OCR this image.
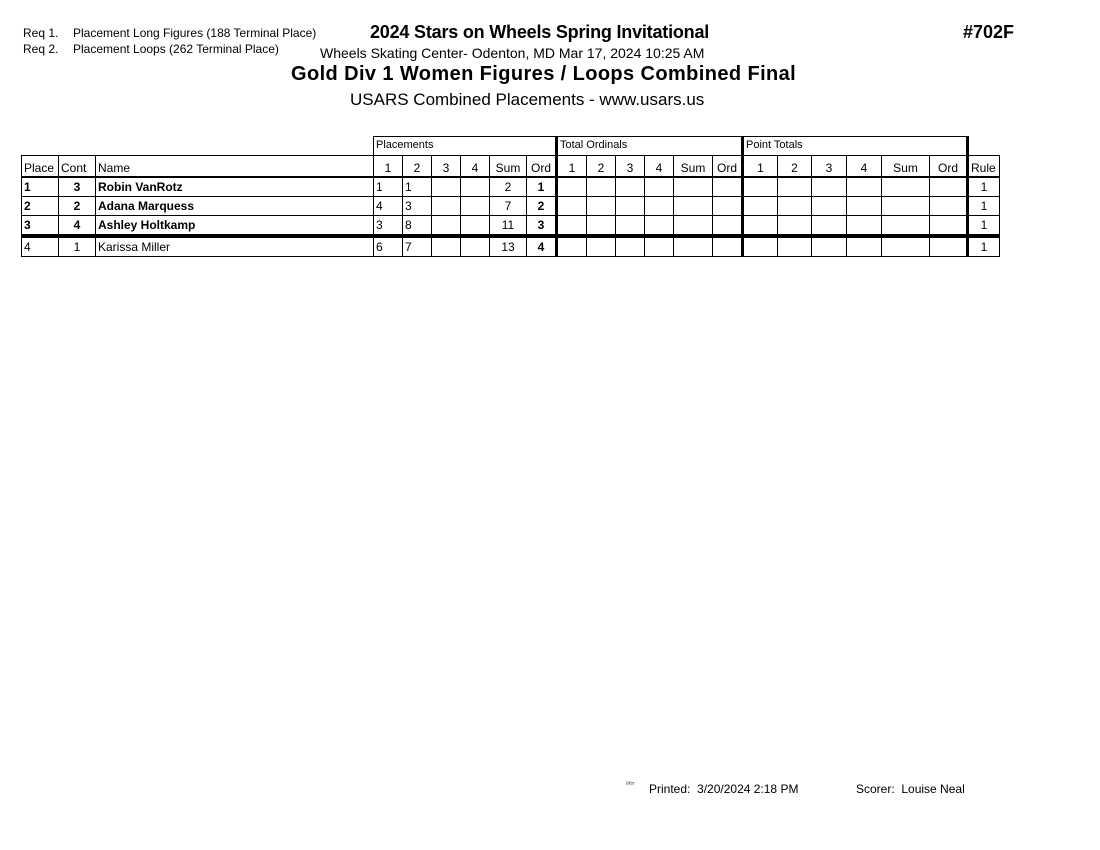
Req 1. Placement Long Figures (188 Terminal Place)
Req 2. Placement Loops (262 Terminal Place)
2024 Stars on Wheels Spring Invitational
Wheels Skating Center- Odenton, MD Mar 17, 2024 10:25 AM
Gold Div 1 Women Figures / Loops Combined Final
USARS Combined Placements - www.usars.us
#702F
			Placements						Total Ordinals						Point Totals						
Place	Cont	Name	1	2	3	4	Sum	Ord	1	2	3	4	Sum	Ord	1	2	3	4	Sum	Ord	Rule
1	3	Robin VanRotz	1	1			2	1													1
2	2	Adana Marquess	4	3			7	2													1
3	4	Ashley Holtkamp	3	8			11	3													1
4	1	Karissa Miller	6	7			13	4													1
²³¹⁵ Printed: 3/20/2024 2:18 PM	Scorer: Louise Neal
